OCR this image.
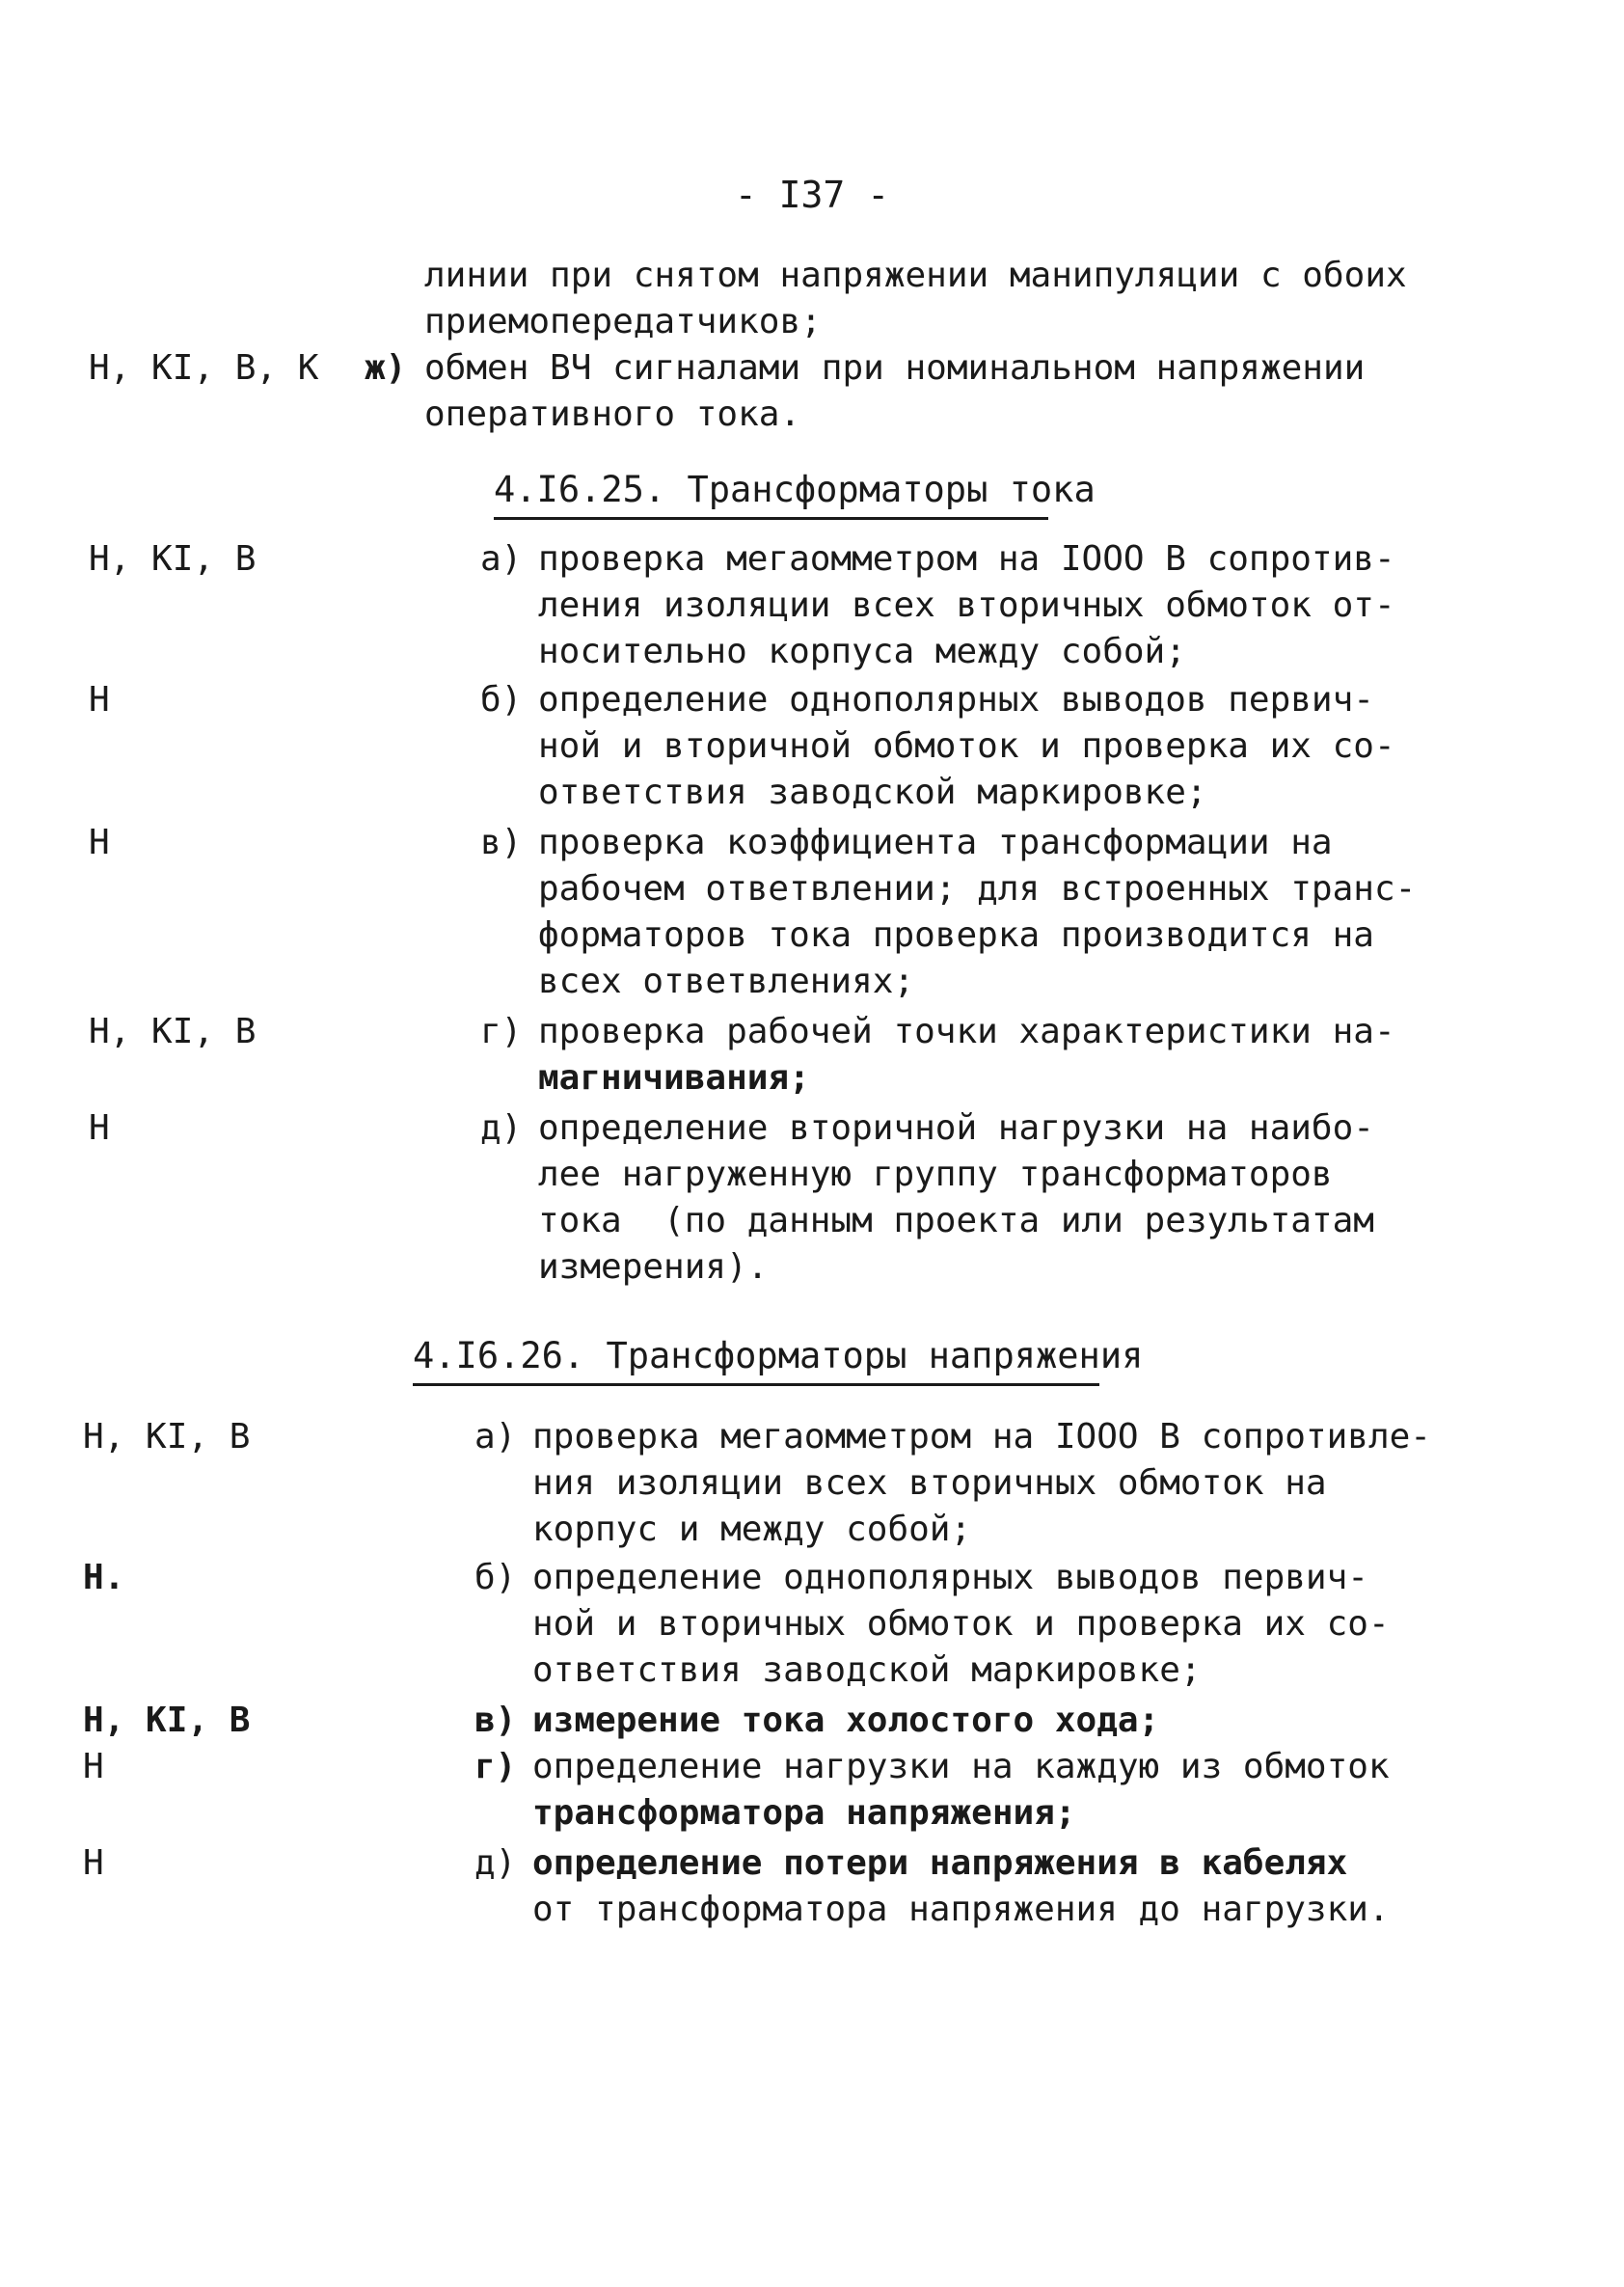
- I37 -
линии при снятом напряжении манипуляции с обоих
приемопередатчиков;
Н, КI, В, К ж) обмен ВЧ сигналами при номинальном напряжении
оперативного тока.
4.I6.25. Трансформаторы тока
Н, КI, В	а) проверка мегаомметром на IOOO В сопротив-
ления изоляции всех вторичных обмоток от-
носительно корпуса между собой;
Н	б) определение однополярных выводов первич-
ной и вторичной обмоток и проверка их со-
ответствия заводской маркировке;
Н	в) проверка коэффициента трансформации на
рабочем ответвлении; для встроенных транс-
форматоров тока проверка производится на
всех ответвлениях;
Н, КI, В	г) проверка рабочей точки характеристики на-
магничивания;
Н	д) определение вторичной нагрузки на наибо-
лее нагруженную группу трансформаторов
тока  (по данным проекта или результатам
измерения).
4.I6.26. Трансформаторы напряжения
Н, КI, В	а) проверка мегаомметром на IOOO В сопротивле-
ния изоляции всех вторичных обмоток на
корпус и между собой;
Н.	б) определение однополярных выводов первич-
ной и вторичных обмоток и проверка их со-
ответствия заводской маркировке;
Н, КI, В	в) измерение тока холостого хода;
Н	г) определение нагрузки на каждую из обмоток
трансформатора напряжения;
Н	д) определение потери напряжения в кабелях
от трансформатора напряжения до нагрузки.
